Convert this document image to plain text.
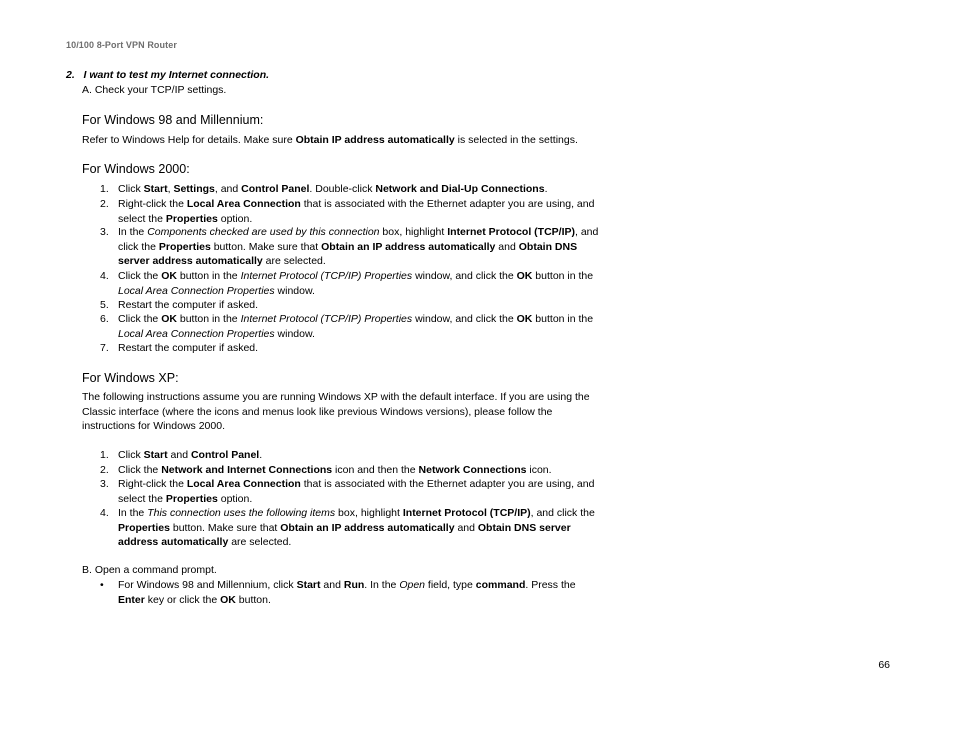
10/100 8-Port VPN Router
2. I want to test my Internet connection.
A. Check your TCP/IP settings.
For Windows 98 and Millennium:
Refer to Windows Help for details. Make sure Obtain IP address automatically is selected in the settings.
For Windows 2000:
1. Click Start, Settings, and Control Panel. Double-click Network and Dial-Up Connections.
2. Right-click the Local Area Connection that is associated with the Ethernet adapter you are using, and select the Properties option.
3. In the Components checked are used by this connection box, highlight Internet Protocol (TCP/IP), and click the Properties button. Make sure that Obtain an IP address automatically and Obtain DNS server address automatically are selected.
4. Click the OK button in the Internet Protocol (TCP/IP) Properties window, and click the OK button in the Local Area Connection Properties window.
5. Restart the computer if asked.
6. Click the OK button in the Internet Protocol (TCP/IP) Properties window, and click the OK button in the Local Area Connection Properties window.
7. Restart the computer if asked.
For Windows XP:
The following instructions assume you are running Windows XP with the default interface. If you are using the Classic interface (where the icons and menus look like previous Windows versions), please follow the instructions for Windows 2000.
1. Click Start and Control Panel.
2. Click the Network and Internet Connections icon and then the Network Connections icon.
3. Right-click the Local Area Connection that is associated with the Ethernet adapter you are using, and select the Properties option.
4. In the This connection uses the following items box, highlight Internet Protocol (TCP/IP), and click the Properties button. Make sure that Obtain an IP address automatically and Obtain DNS server address automatically are selected.
B. Open a command prompt.
•	For Windows 98 and Millennium, click Start and Run. In the Open field, type command. Press the Enter key or click the OK button.
66
